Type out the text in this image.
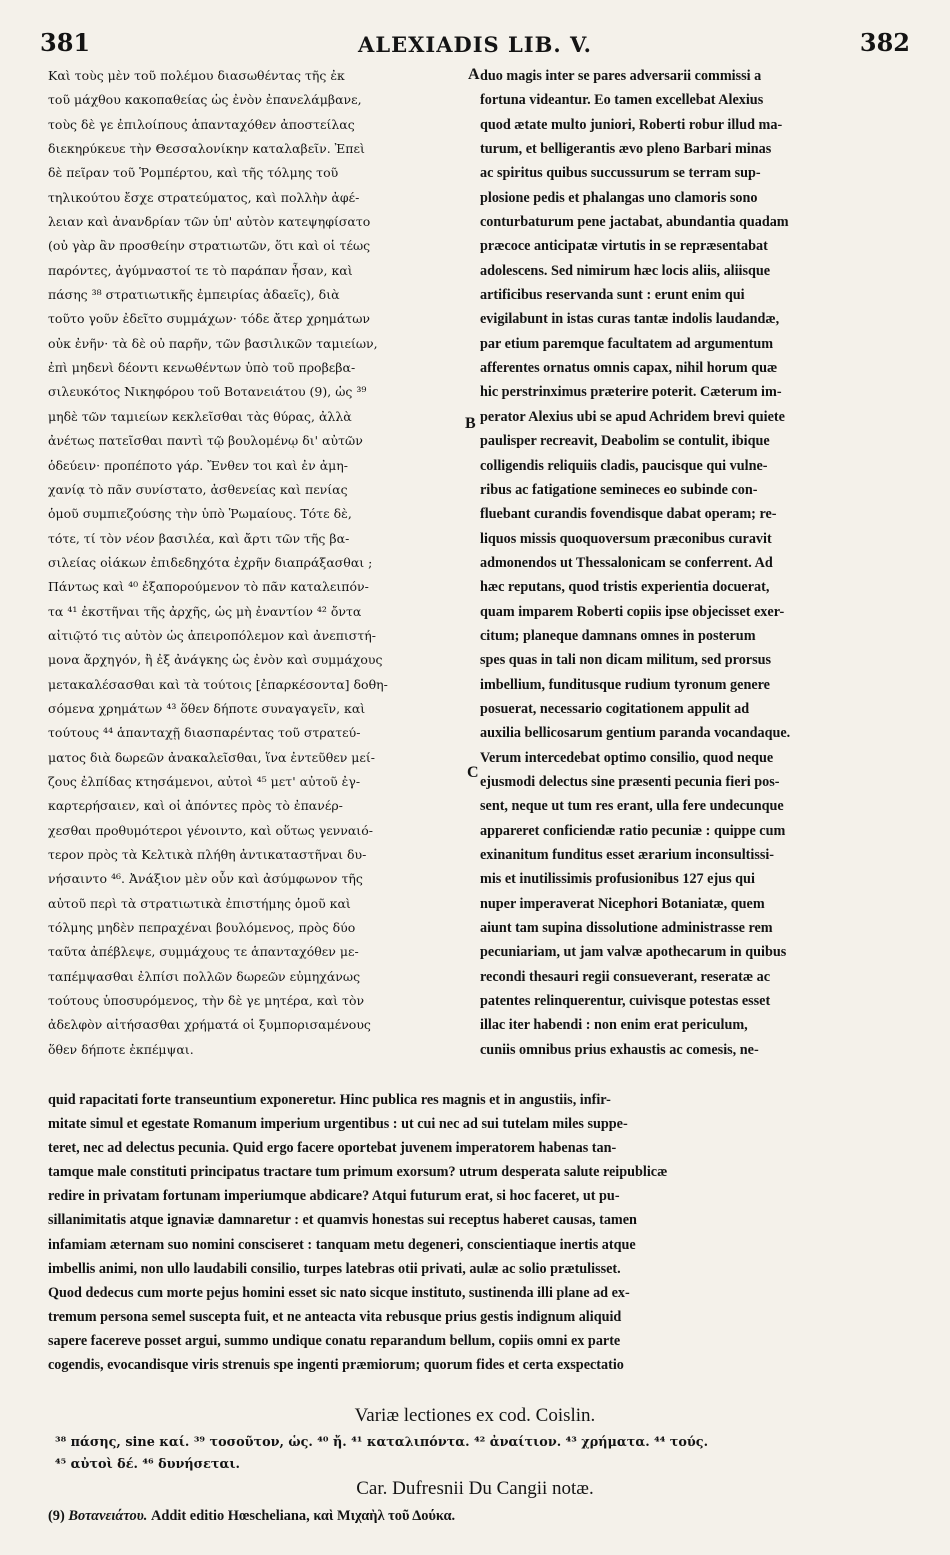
381	ALEXIADIS LIB. V.	382
A
B
C
Καὶ τοὺς μὲν τοῦ πολέμου διασωθέντας τῆς ἐκ
τοῦ μάχθου κακοπαθείας ὡς ἐνὸν ἐπανελάμβανε,
τοὺς δὲ γε ἐπιλοίπους ἁπανταχόθεν ἀποστείλας
διεκηρύκευε τὴν Θεσσαλονίκην καταλαβεῖν. Ἐπεὶ
δὲ πεῖραν τοῦ Ῥομπέρτου, καὶ τῆς τόλμης τοῦ
τηλικούτου ἔσχε στρατεύματος, καὶ πολλὴν ἀφέ-
λειαν καὶ ἀνανδρίαν τῶν ὑπ' αὐτὸν κατεψηφίσατο
(οὐ γὰρ ἂν προσθείην στρατιωτῶν, ὅτι καὶ οἱ τέως
παρόντες, ἀγύμναστοί τε τὸ παράπαν ἦσαν, καὶ
πάσης ³⁸ στρατιωτικῆς ἐμπειρίας ἀδαεῖς), διὰ
τοῦτο γοῦν ἐδεῖτο συμμάχων· τόδε ἄτερ χρημάτων
οὐκ ἐνῆν· τὰ δὲ οὐ παρῆν, τῶν βασιλικῶν ταμιείων,
ἐπὶ μηδενὶ δέοντι κενωθέντων ὑπὸ τοῦ προβεβα-
σιλευκότος Νικηφόρου τοῦ Βοτανειάτου (9), ὡς ³⁹
μηδὲ τῶν ταμιείων κεκλεῖσθαι τὰς θύρας, ἀλλὰ
ἀνέτως πατεῖσθαι παντὶ τῷ βουλομένῳ δι' αὐτῶν
ὁδεύειν· προπέποτο γάρ. Ἔνθεν τοι καὶ ἐν ἀμη-
χανίᾳ τὸ πᾶν συνίστατο, ἀσθενείας καὶ πενίας
ὁμοῦ συμπιεζούσης τὴν ὑπὸ Ῥωμαίους. Τότε δὲ,
τότε, τί τὸν νέον βασιλέα, καὶ ἄρτι τῶν τῆς βα-
σιλείας οἰάκων ἐπιδεδηχότα ἐχρῆν διαπράξασθαι ;
Πάντως καὶ ⁴⁰ ἐξαπορούμενον τὸ πᾶν καταλειπόν-
τα ⁴¹ ἐκστῆναι τῆς ἀρχῆς, ὡς μὴ ἐναντίον ⁴² ὄντα
αἰτιῷτό τις αὐτὸν ὡς ἀπειροπόλεμον καὶ ἀνεπιστή-
μονα ἄρχηγόν, ἢ ἐξ ἀνάγκης ὡς ἐνὸν καὶ συμμάχους
μετακαλέσασθαι καὶ τὰ τούτοις [ἐπαρκέσοντα] δοθη-
σόμενα χρημάτων ⁴³ ὅθεν δήποτε συναγαγεῖν, καὶ
τούτους ⁴⁴ ἁπανταχῇ διασπαρέντας τοῦ στρατεύ-
ματος διὰ δωρεῶν ἀνακαλεῖσθαι, ἵνα ἐντεῦθεν μεί-
ζους ἐλπίδας κτησάμενοι, αὐτοὶ ⁴⁵ μετ' αὐτοῦ ἐγ-
καρτερήσαιεν, καὶ οἱ ἀπόντες πρὸς τὸ ἐπανέρ-
χεσθαι προθυμότεροι γένοιντο, καὶ οὕτως γενναιό-
τερον πρὸς τὰ Κελτικὰ πλήθη ἀντικαταστῆναι δυ-
νήσαιντο ⁴⁶. Ἀνάξιον μὲν οὖν καὶ ἀσύμφωνον τῆς
αὐτοῦ περὶ τὰ στρατιωτικὰ ἐπιστήμης ὁμοῦ καὶ
τόλμης μηδὲν πεπραχέναι βουλόμενος, πρὸς δύο
ταῦτα ἀπέβλεψε, συμμάχους τε ἁπανταχόθεν με-
ταπέμψασθαι ἐλπίσι πολλῶν δωρεῶν εὐμηχάνως
τούτους ὑποσυρόμενος, τὴν δὲ γε μητέρα, καὶ τὸν
ἀδελφὸν αἰτήσασθαι χρήματά οἱ ξυμπορισαμένους
ὅθεν δήποτε ἐκπέμψαι.
duo magis inter se pares adversarii commissi a
fortuna videantur. Eo tamen excellebat Alexius
quod ætate multo juniori, Roberti robur illud ma-
turum, et belligerantis ævo pleno Barbari minas
ac spiritus quibus succussurum se terram sup-
plosione pedis et phalangas uno clamoris sono
conturbaturum pene jactabat, abundantia quadam
præcoce anticipatæ virtutis in se repræsentabat
adolescens. Sed nimirum hæc locis aliis, aliisque
artificibus reservanda sunt : erunt enim qui
evigilabunt in istas curas tantæ indolis laudandæ,
par etium paremque facultatem ad argumentum
afferentes ornatus omnis capax, nihil horum quæ
hic perstrinximus præterire poterit. Cæterum im-
perator Alexius ubi se apud Achridem brevi quiete
paulisper recreavit, Deabolim se contulit, ibique
colligendis reliquiis cladis, paucisque qui vulne-
ribus ac fatigatione semineces eo subinde con-
fluebant curandis fovendisque dabat operam; re-
liquos missis quoquoversum præconibus curavit
admonendos ut Thessalonicam se conferrent. Ad
hæc reputans, quod tristis experientia docuerat,
quam imparem Roberti copiis ipse objecisset exer-
citum; planeque damnans omnes in posterum
spes quas in tali non dicam militum, sed prorsus
imbellium, funditusque rudium tyronum genere
posuerat, necessario cogitationem appulit ad
auxilia bellicosarum gentium paranda vocandaque.
Verum intercedebat optimo consilio, quod neque
ejusmodi delectus sine præsenti pecunia fieri pos-
sent, neque ut tum res erant, ulla fere undecunque
appareret conficiendæ ratio pecuniæ : quippe cum
exinanitum funditus esset ærarium inconsultissi-
mis et inutilissimis profusionibus 127 ejus qui
nuper imperaverat Nicephori Botaniatæ, quem
aiunt tam supina dissolutione administrasse rem
pecuniariam, ut jam valvæ apothecarum in quibus
recondi thesauri regii consueverant, reseratæ ac
patentes relinquerentur, cuivisque potestas esset
illac iter habendi : non enim erat periculum,
cuniis omnibus prius exhaustis ac comesis, ne-
quid rapacitati forte transeuntium exponeretur. Hinc publica res magnis et in angustiis, infir-
mitate simul et egestate Romanum imperium urgentibus : ut cui nec ad sui tutelam miles suppe-
teret, nec ad delectus pecunia. Quid ergo facere oportebat juvenem imperatorem habenas tan-
tamque male constituti principatus tractare tum primum exorsum? utrum desperata salute reipublicæ
redire in privatam fortunam imperiumque abdicare? Atqui futurum erat, si hoc faceret, ut pu-
sillanimitatis atque ignaviæ damnaretur : et quamvis honestas sui receptus haberet causas, tamen
infamiam æternam suo nomini consciseret : tanquam metu degeneri, conscientiaque inertis atque
imbellis animi, non ullo laudabili consilio, turpes latebras otii privati, aulæ ac solio prætulisset.
Quod dedecus cum morte pejus homini esset sic nato sicque instituto, sustinenda illi plane ad ex-
tremum persona semel suscepta fuit, et ne anteacta vita rebusque prius gestis indignum aliquid
sapere facereve posset argui, summo undique conatu reparandum bellum, copiis omni ex parte
cogendis, evocandisque viris strenuis spe ingenti præmiorum; quorum fides et certa exspectatio
Variæ lectiones ex cod. Coislin.
³⁸ πάσης, sine καί. ³⁹ τοσοῦτον, ὡς. ⁴⁰ ἤ. ⁴¹ καταλιπόντα. ⁴² ἀναίτιον. ⁴³ χρήματα. ⁴⁴ τούς.
⁴⁵ αὐτοὶ δέ. ⁴⁶ δυνήσεται.
Car. Dufresnii Du Cangii notæ.
(9) Βοτανειάτου. Addit editio Hœscheliana, καὶ Μιχαὴλ τοῦ Δούκα.
